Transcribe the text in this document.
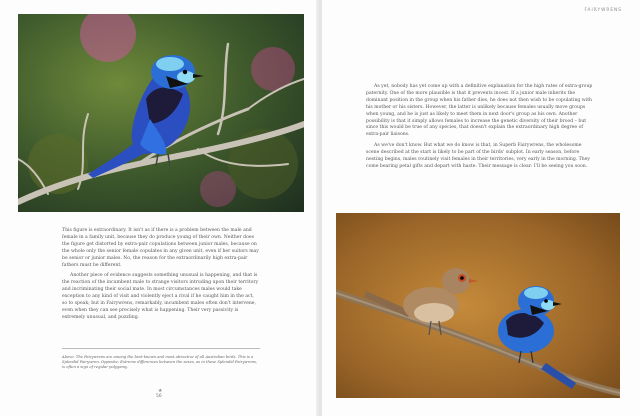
This figure is extraordinary. It isn't as if there is a problem between the male and female in a family unit, because they do produce young of their own. Neither does the figure get distorted by extra-pair copulations between junior males, because on the whole only the senior female copulates in any given unit, even if her suitors may be senior or junior males. No, the reason for the extraordinarily high extra-pair fathers must be different.

Another piece of evidence suggests something unusual is happening, and that is the reaction of the incumbent male to strange visitors intruding upon their territory and incriminating their social mate. In most circumstances males would take exception to any kind of visit and violently eject a rival if he caught him in the act, so to speak; but in Fairywrens, remarkably, incumbent males often don't intervene, even when they can see precisely what is happening. Their very passivity is extremely unusual, and puzzling.

Above: The Fairywrens are among the best-known and most attractive of all Australian birds. This is a Splendid Fairywren. Opposite: Extreme differences between the sexes, as in these Splendid Fairywrens, is often a sign of regular polygamy.
★
56
FAIRYWRENS

As yet, nobody has yet come up with a definitive explanation for the high rates of extra-group paternity. One of the more plausible is that it prevents incest. If a junior male inherits the dominant position in the group when his father dies, he does not then wish to be copulating with his mother or his sisters. However, the latter is unlikely because females usually move groups when young, and he is just as likely to meet them in next door's group as his own. Another possibility is that it simply allows females to increase the genetic diversity of their brood – but since this would be true of any species, that doesn't explain the extraordinary high degree of extra-pair liaisons.

As we've don't know. But what we do know is that, in Superb Fairywrens, the wholesome scene described at the start is likely to be part of the birds' subplot. In early season, before nesting begins, males routinely visit females in their territories, very early in the morning. They come bearing petal gifts and depart with haste. Their message is clear: I'll be seeing you soon.
